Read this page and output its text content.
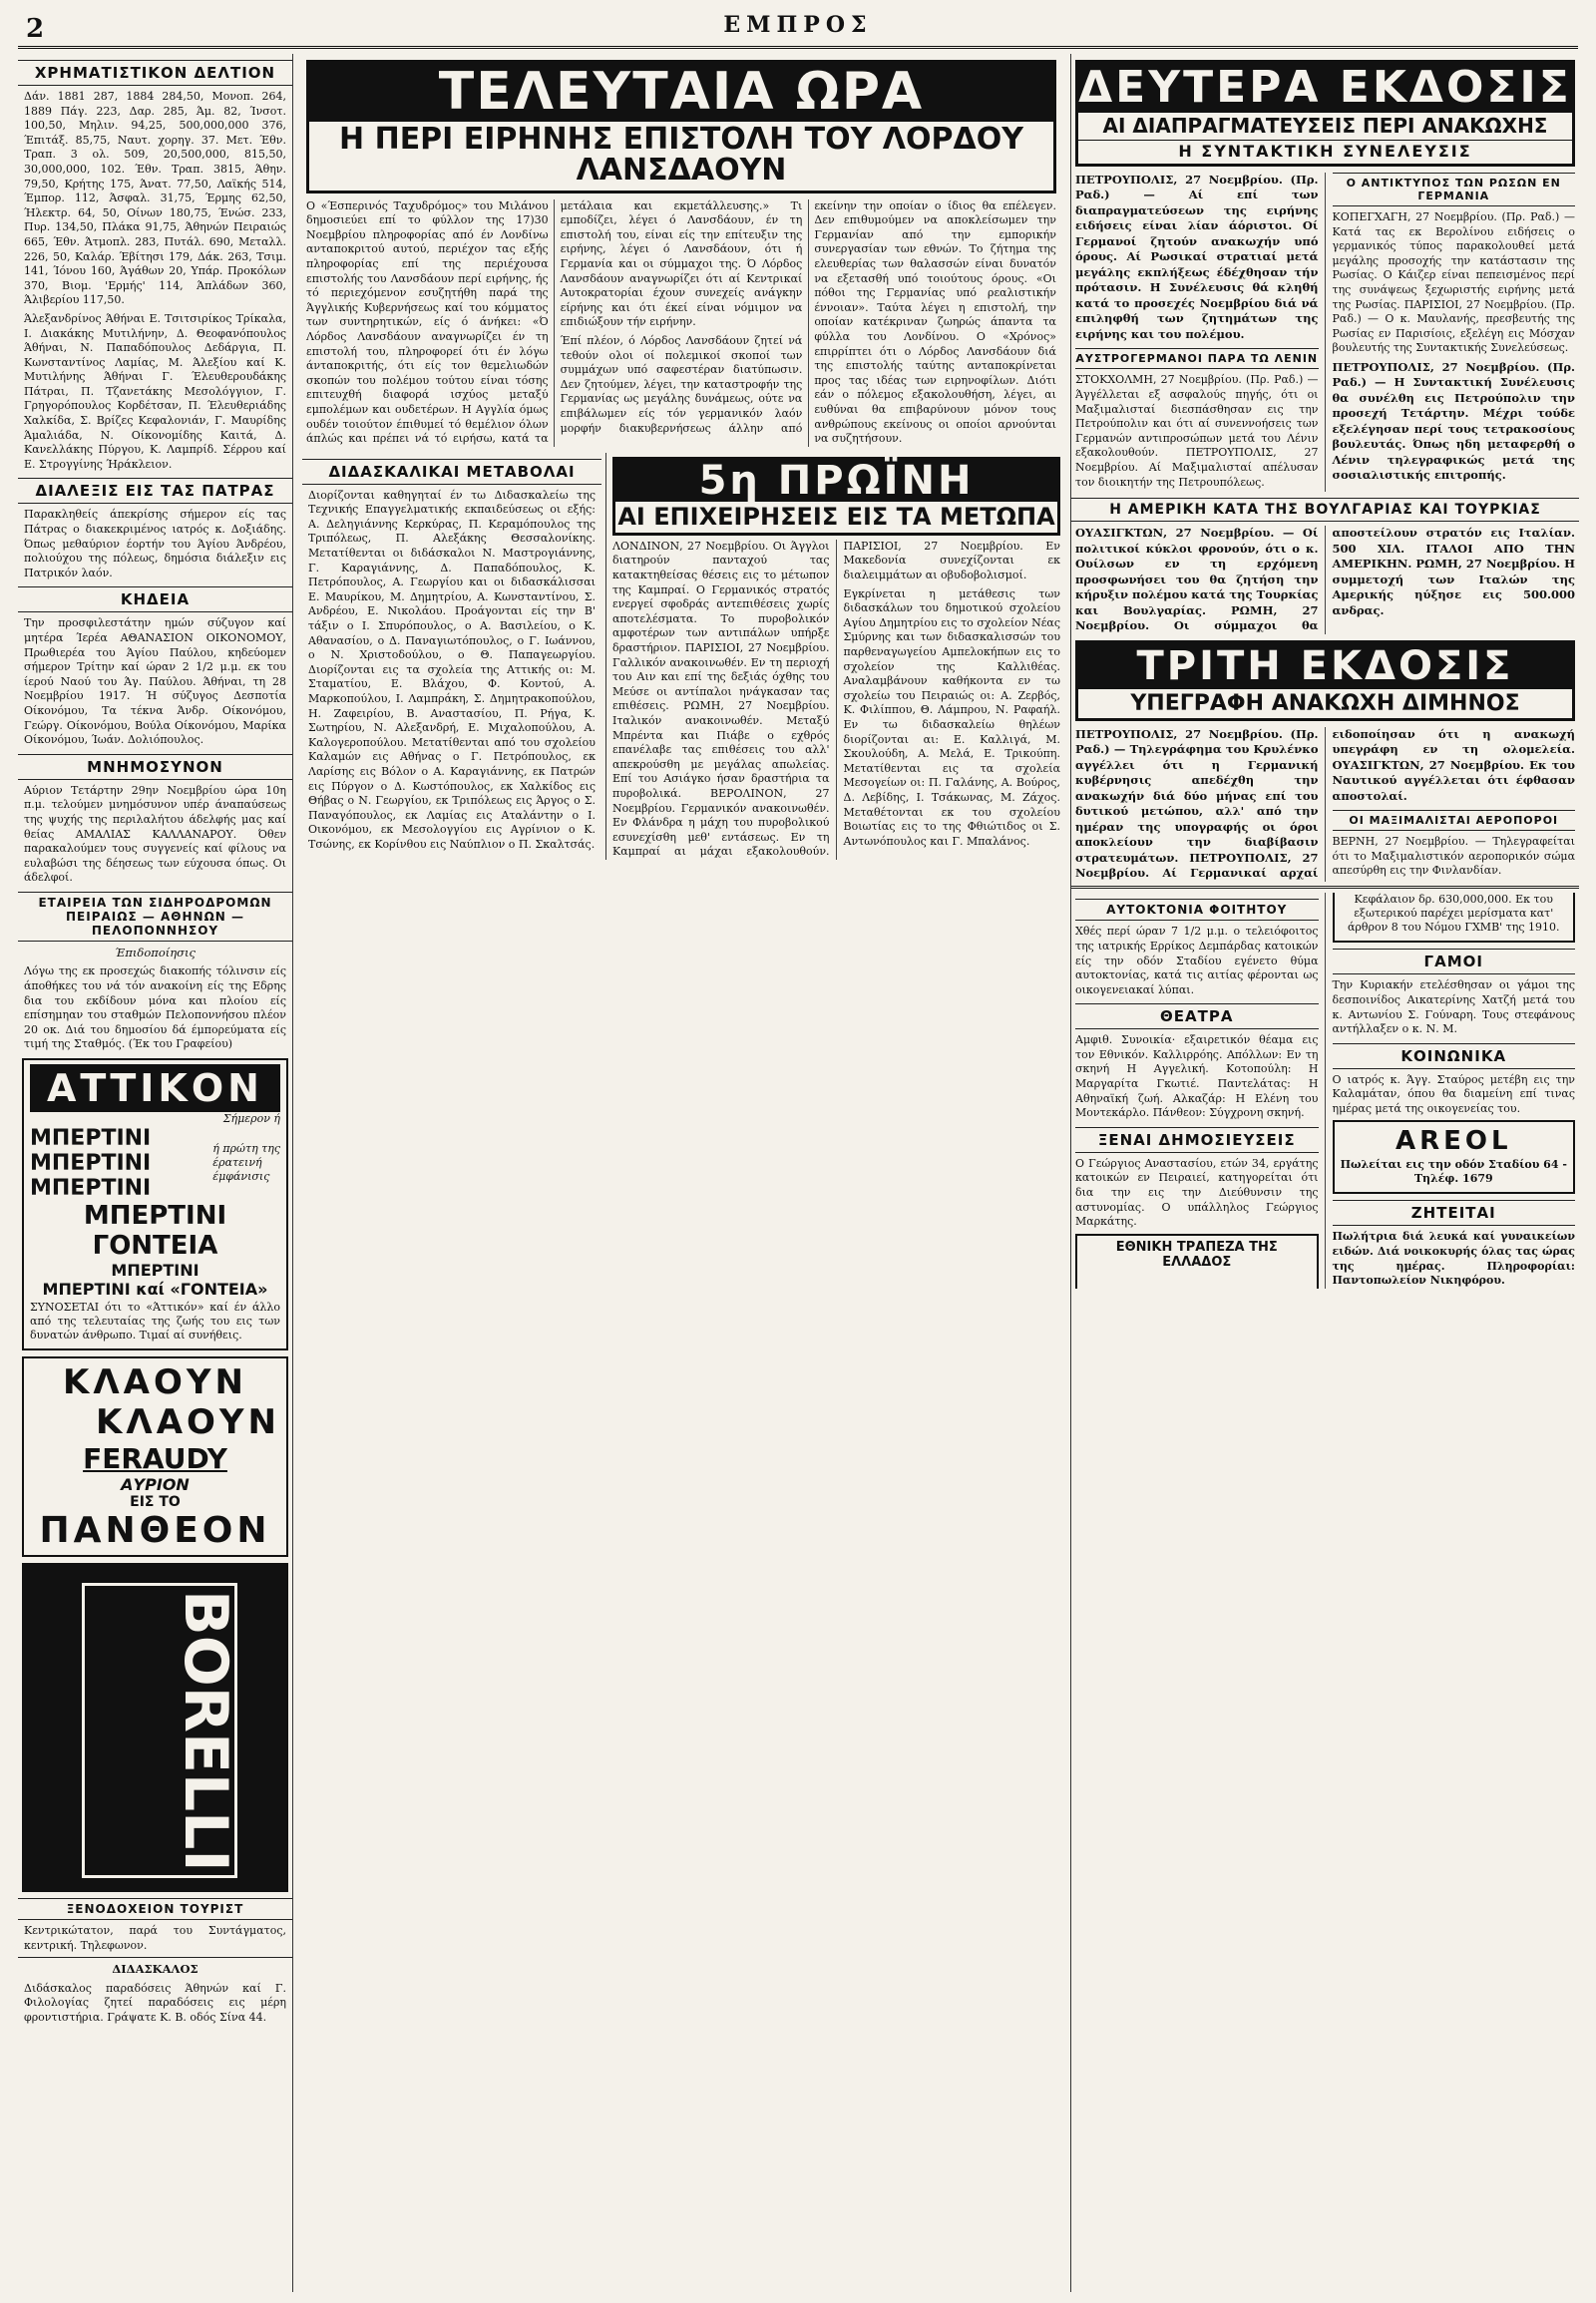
2	ΕΜΠΡΟΣ
ΧΡΗΜΑΤΙΣΤΙΚΟΝ ΔΕΛΤΙΟΝ

Δάν. 1881 287, 1884 284,50, Μονοπ. 264, 1889 Πάγ. 223, Δαρ. 285, Άμ. 82, Ίνσοτ. 100,50, Μηλιν. 94,25, 500,000,000 376, Έπιτάξ. 85,75, Ναυτ. χορηγ. 37. Μετ. Έθν. Τραπ. 3 ολ. 509, 20,500,000, 815,50, 30,000,000, 102. Έθν. Τραπ. 3815, Άθην. 79,50, Κρήτης 175, Άνατ. 77,50, Λαϊκής 514, Έμπορ. 112, Άσφαλ. 31,75, Έρμης 62,50, Ήλεκτρ. 64, 50, Οίνων 180,75, Ένώσ. 233, Πυρ. 134,50, Πλάκα 91,75, Άθηνών Πειραιώς 665, Έθν. Άτμοπλ. 283, Πυτάλ. 690, Μεταλλ. 226, 50, Καλάρ. Έβίτησι 179, Δάκ. 263, Τσιμ. 141, Ίόνου 160, Άγάθων 20, Υπάρ. Προκόλων 370, Βιομ. 'Ερμής' 114, Άπλάδων 360, Άλιβερίου 117,50.

Άλεξανδρίνος Άθήναι Ε. Τσιτσιρίκος Τρίκαλα, Ι. Διακάκης Μυτιλήνην, Δ. Θεοφανόπουλος Άθήναι, Ν. Παπαδόπουλος Δεδάργια, Π. Κωνσταντίνος Λαμίας, Μ. Άλεξίου καί Κ. Μυτιλήνης Άθήναι Γ. Έλευθερουδάκης Πάτραι, Π. Τζανετάκης Μεσολόγγιον, Γ. Γρηγορόπουλος Κορδέτσαν, Π. Έλευθεριάδης Χαλκίδα, Σ. Βρίζες Κεφαλονιάν, Γ. Μαυρίδης Άμαλιάδα, Ν. Οίκονομίδης Καιτά, Δ. Κανελλάκης Πύργου, Κ. Λαμπρίδ. Σέρρου καί Ε. Στρογγίνης Ήράκλειον.

ΔΙΑΛΕΞΙΣ ΕΙΣ ΤΑΣ ΠΑΤΡΑΣ

Παρακληθείς άπεκρίσης σήμερον είς τας Πάτρας ο διακεκριμένος ιατρός κ. Δοξιάδης. Όπως μεθαύριον έορτήν του Άγίου Άνδρέου, πολιούχου της πόλεως, δημόσια διάλεξιν εις Πατρικόν λαόν.

ΚΗΔΕΙΑ

Την προσφιλεστάτην ημών σύζυγον καί μητέρα Ίερέα ΑΘΑΝΑΣΙΟΝ ΟΙΚΟΝΟΜΟΥ, Πρωθιερέα του Άγίου Παύλου, κηδεύομεν σήμερον Τρίτην καί ώραν 2 1/2 μ.μ. εκ του ίερού Ναού του Άγ. Παύλου. Άθήναι, τη 28 Νοεμβρίου 1917. Ή σύζυγος Δεσποτία Οίκονόμου, Τα τέκνα Άνδρ. Οίκονόμου, Γεώργ. Οίκονόμου, Βούλα Οίκονόμου, Μαρίκα Οίκονόμου, Ίωάν. Δολιόπουλος.

ΜΝΗΜΟΣΥΝΟΝ

Αύριον Τετάρτην 29ην Νοεμβρίου ώρα 10η π.μ. τελούμεν μνημόσυνον υπέρ άναπαύσεως της ψυχής της περιλαλήτου άδελφής μας καί θείας ΑΜΑΛΙΑΣ ΚΑΛΛΑΝΑΡΟΥ. Όθεν παρακαλούμεν τους συγγενείς καί φίλους να ευλαβώσι της δέησεως των εύχουσα όπως. Οι άδελφοί.

ΕΤΑΙΡΕΙΑ ΤΩΝ ΣΙΔΗΡΟΔΡΟΜΩΝ ΠΕΙΡΑΙΩΣ — ΑΘΗΝΩΝ — ΠΕΛΟΠΟΝΝΗΣΟΥ
Έπιδοποίησις

Λόγω της εκ προσεχώς διακοπής τόλινσιν είς άποθήκες του νά τόν ανακοίνη είς της Εδρης δια του εκδίδουν μόνα και πλοίου είς επίσημηαν του σταθμών Πελοποννήσου πλέον 20 οκ. Διά του δημοσίου δά έμπορεύματα είς τιμή της Σταθμός. (Έκ του Γραφείου)

ΑΤΤΙΚΟΝ
Σήμερον ή
ΜΠΕΡΤΙΝΙ
ΜΠΕΡΤΙΝΙ
ΜΠΕΡΤΙΝΙ
ή πρώτη της
έρατεινή
έμφάνισις
ΜΠΕΡΤΙΝΙ
ΓΟΝΤΕΙΑ
ΜΠΕΡΤΙΝΙ
ΜΠΕΡΤΙΝΙ καί «ΓΟΝΤΕΙΑ»

ΣΥΝΟΣΕΤΑΙ ότι το «Άττικόν» καί έν άλλο από της τελευταίας της ζωής του εις των δυνατών άνθρωπο. Τιμαί αί συνήθεις.

ΚΛΑΟΥΝ
ΚΛΑΟΥΝ
FERAUDY
ΑΥΡΙΟΝ
ΕΙΣ ΤΟ
ΠΑΝΘΕΟΝ
BORELLI
ΞΕΝΟΔΟΧΕΙΟΝ ΤΟΥΡΙΣΤ

Κεντρικώτατον, παρά του Συντάγματος, κεντρική. Τηλεφωνον.

ΔΙΔΑΣΚΑΛΟΣ

Διδάσκαλος παραδόσεις Άθηνών καί Γ. Φιλολογίας ζητεί παραδόσεις εις μέρη φροντιστήρια. Γράψατε Κ. Β. οδός Σίνα 44.

ΤΕΛΕΥΤΑΙΑ ΩΡΑ
Η ΠΕΡΙ ΕΙΡΗΝΗΣ ΕΠΙΣΤΟΛΗ ΤΟΥ ΛΟΡΔΟΥ ΛΑΝΣΔΑΟΥΝ

Ο «Έσπερινός Ταχυδρόμος» του Μιλάνου δημοσιεύει επί το φύλλον της 17)30 Νοεμβρίου πληροφορίας από έν Λονδίνω ανταποκριτού αυτού, περιέχον τας εξής πληροφορίας επί της περιέχουσα επιστολής του Λανσδάουν περί ειρήνης, ής τό περιεχόμενον εσυζητήθη παρά της Άγγλικής Κυβερνήσεως καί του κόμματος των συντηρητικών, είς ό άνήκει: «Ό Λόρδος Λανσδάουν αναγνωρίζει έν τη επιστολή του, πληροφορεί ότι έν λόγω άνταποκριτής, ότι είς τον θεμελιωδών σκοπών του πολέμου τούτου είναι τόσης επιτευχθή διαφορά ισχύος μεταξύ εμπολέμων και ουδετέρων. Η Αγγλία όμως ουδέν τοιούτον έπιθυμεί τό θεμέλιον όλων άπλώς και πρέπει νά τό ειρήσω, κατά τα μετάλαια και εκμετάλλευσης.» Τι εμποδίζει, λέγει ό Λανσδάουν, έν τη επιστολή του, είναι είς την επίτευξιν της ειρήνης, λέγει ό Λανσδάουν, ότι ή Γερμανία και οι σύμμαχοι της. Ό Λόρδος Λανσδάουν αναγνωρίζει ότι αί Κεντρικαί Αυτοκρατορίαι έχουν συνεχείς ανάγκην είρήνης και ότι έκεί είναι νόμιμον να επιδιώξουν τήν ειρήνην.

Έπί πλέον, ό Λόρδος Λανσδάουν ζητεί νά τεθούν ολοι οί πολεμικοί σκοποί των συμμάχων υπό σαφεστέραν διατύπωσιν. Δεν ζητούμεν, λέγει, την καταστροφήν της Γερμανίας ως μεγάλης δυνάμεως, ούτε να επιβάλωμεν είς τόν γερμανικόν λαόν μορφήν διακυβερνήσεως άλλην από εκείνην την οποίαν ο ίδιος θα επέλεγεν. Δεν επιθυμούμεν να αποκλείσωμεν την Γερμανίαν από την εμπορικήν συνεργασίαν των εθνών. Το ζήτημα της ελευθερίας των θαλασσών είναι δυνατόν να εξετασθή υπό τοιούτους όρους. «Οι πόθοι της Γερμανίας υπό ρεαλιστικήν έννοιαν». Ταύτα λέγει η επιστολή, την οποίαν κατέκριναν ζωηρώς άπαντα τα φύλλα του Λονδίνου. Ο «Χρόνος» επιρρίπτει ότι ο Λόρδος Λανσδάουν διά της επιστολής ταύτης ανταποκρίνεται προς τας ιδέας των ειρηνοφίλων. Διότι εάν ο πόλεμος εξακολουθήση, λέγει, αι ευθύναι θα επιβαρύνουν μόνον τους ανθρώπους εκείνους οι οποίοι αρνούνται να συζητήσουν.

ΔΙΔΑΣΚΑΛΙΚΑΙ ΜΕΤΑΒΟΛΑΙ

Διορίζονται καθηγηταί έν τω Διδασκαλείω της Τεχνικής Επαγγελματικής εκπαιδεύσεως οι εξής: Α. Δεληγιάννης Κερκύρας, Π. Κεραμόπουλος της Τριπόλεως, Π. Αλεξάκης Θεσσαλονίκης. Μετατίθενται οι διδάσκαλοι Ν. Μαστρογιάννης, Γ. Καραγιάννης, Δ. Παπαδόπουλος, Κ. Πετρόπουλος, Α. Γεωργίου και οι διδασκάλισσαι Ε. Μαυρίκου, Μ. Δημητρίου, Α. Κωνσταντίνου, Σ. Ανδρέου, Ε. Νικολάου. Προάγονται είς την Β' τάξιν ο Ι. Σπυρόπουλος, ο Α. Βασιλείου, ο Κ. Αθανασίου, ο Δ. Παναγιωτόπουλος, ο Γ. Ιωάννου, ο Ν. Χριστοδούλου, ο Θ. Παπαγεωργίου. Διορίζονται εις τα σχολεία της Αττικής οι: Μ. Σταματίου, Ε. Βλάχου, Φ. Κοντού, Α. Μαρκοπούλου, Ι. Λαμπράκη, Σ. Δημητρακοπούλου, Η. Ζαφειρίου, Β. Αναστασίου, Π. Ρήγα, Κ. Σωτηρίου, Ν. Αλεξανδρή, Ε. Μιχαλοπούλου, Α. Καλογεροπούλου. Μετατίθενται από του σχολείου Καλαμών εις Αθήνας ο Γ. Πετρόπουλος, εκ Λαρίσης εις Βόλον ο Α. Καραγιάννης, εκ Πατρών εις Πύργον ο Δ. Κωστόπουλος, εκ Χαλκίδος εις Θήβας ο Ν. Γεωργίου, εκ Τριπόλεως εις Άργος ο Σ. Παναγόπουλος, εκ Λαμίας εις Αταλάντην ο Ι. Οικονόμου, εκ Μεσολογγίου εις Αγρίνιον ο Κ. Τσώνης, εκ Κορίνθου εις Ναύπλιον ο Π. Σκαλτσάς.

5η ΠΡΩΪΝΗ
ΑΙ ΕΠΙΧΕΙΡΗΣΕΙΣ ΕΙΣ ΤΑ ΜΕΤΩΠΑ

ΛΟΝΔΙΝΟΝ, 27 Νοεμβρίου. Οι Άγγλοι διατηρούν πανταχού τας κατακτηθείσας θέσεις εις το μέτωπον της Καμπραί. Ο Γερμανικός στρατός ενεργεί σφοδράς αντεπιθέσεις χωρίς αποτελέσματα. Το πυροβολικόν αμφοτέρων των αντιπάλων υπήρξε δραστήριον. ΠΑΡΙΣΙΟΙ, 27 Νοεμβρίου. Γαλλικόν ανακοινωθέν. Εν τη περιοχή του Αιν και επί της δεξιάς όχθης του Μεύσε οι αντίπαλοι ηνάγκασαν τας επιθέσεις. ΡΩΜΗ, 27 Νοεμβρίου. Ιταλικόν ανακοινωθέν. Μεταξύ Μπρέντα και Πιάβε ο εχθρός επανέλαβε τας επιθέσεις του αλλ' απεκρούσθη με μεγάλας απωλείας. Επί του Ασιάγκο ήσαν δραστήρια τα πυροβολικά. ΒΕΡΟΛΙΝΟΝ, 27 Νοεμβρίου. Γερμανικόν ανακοινωθέν. Εν Φλάνδρα η μάχη του πυροβολικού εσυνεχίσθη μεθ' εντάσεως. Εν τη Καμπραί αι μάχαι εξακολουθούν. ΠΑΡΙΣΙΟΙ, 27 Νοεμβρίου. Εν Μακεδονία συνεχίζονται εκ διαλειμμάτων αι οβυδοβολισμοί.

Εγκρίνεται η μετάθεσις των διδασκάλων του δημοτικού σχολείου Αγίου Δημητρίου εις το σχολείον Νέας Σμύρνης και των διδασκαλισσών του παρθεναγωγείου Αμπελοκήπων εις το σχολείον της Καλλιθέας. Αναλαμβάνουν καθήκοντα εν τω σχολείω του Πειραιώς οι: Α. Ζερβός, Κ. Φιλίππου, Θ. Λάμπρου, Ν. Ραφαήλ. Εν τω διδασκαλείω θηλέων διορίζονται αι: Ε. Καλλιγά, Μ. Σκουλούδη, Α. Μελά, Ε. Τρικούπη. Μετατίθενται εις τα σχολεία Μεσογείων οι: Π. Γαλάνης, Α. Βούρος, Δ. Λεβίδης, Ι. Τσάκωνας, Μ. Ζάχος. Μεταθέτονται εκ του σχολείου Βοιωτίας εις το της Φθιώτιδος οι Σ. Αντωνόπουλος και Γ. Μπαλάνος.

ΔΕΥΤΕΡΑ ΕΚΔΟΣΙΣ
ΑΙ ΔΙΑΠΡΑΓΜΑΤΕΥΣΕΙΣ ΠΕΡΙ ΑΝΑΚΩΧΗΣ
Η ΣΥΝΤΑΚΤΙΚΗ ΣΥΝΕΛΕΥΣΙΣ

ΠΕΤΡΟΥΠΟΛΙΣ, 27 Νοεμβρίου. (Πρ. Ραδ.) — Αί επί των διαπραγματεύσεων της ειρήνης ειδήσεις είναι λίαν άόριστοι. Οί Γερμανοί ζητούν ανακωχήν υπό όρους. Αί Ρωσικαί στρατιαί μετά μεγάλης εκπλήξεως έδέχθησαν τήν πρότασιν. Η Συνέλευσις θά κληθή κατά το προσεχές Νοεμβρίου διά νά επιληφθή των ζητημάτων της ειρήνης και του πολέμου.

ΑΥΣΤΡΟΓΕΡΜΑΝΟΙ ΠΑΡΑ ΤΩ ΛΕΝΙΝ

ΣΤΟΚΧΟΛΜΗ, 27 Νοεμβρίου. (Πρ. Ραδ.) — Άγγέλλεται εξ ασφαλούς πηγής, ότι οι Μαξιμαλισταί διεσπάσθησαν εις την Πετρούπολιν και ότι αί συνεννοήσεις των Γερμανών αντιπροσώπων μετά του Λένιν εξακολουθούν. ΠΕΤΡΟΥΠΟΛΙΣ, 27 Νοεμβρίου. Αί Μαξιμαλισταί απέλυσαν τον διοικητήν της Πετρουπόλεως.

Ο ΑΝΤΙΚΤΥΠΟΣ ΤΩΝ ΡΩΣΩΝ ΕΝ ΓΕΡΜΑΝΙΑ

ΚΟΠΕΓΧΑΓΗ, 27 Νοεμβρίου. (Πρ. Ραδ.) — Κατά τας εκ Βερολίνου ειδήσεις ο γερμανικός τύπος παρακολουθεί μετά μεγάλης προσοχής την κατάστασιν της Ρωσίας. Ο Κάιζερ είναι πεπεισμένος περί της συνάψεως ξεχωριστής ειρήνης μετά της Ρωσίας. ΠΑΡΙΣΙΟΙ, 27 Νοεμβρίου. (Πρ. Ραδ.) — Ο κ. Μαυλανής, πρεσβευτής της Ρωσίας εν Παρισίοις, εξελέγη εις Μόσχαν βουλευτής της Συντακτικής Συνελεύσεως.

ΠΕΤΡΟΥΠΟΛΙΣ, 27 Νοεμβρίου. (Πρ. Ραδ.) — Η Συντακτική Συνέλευσις θα συνέλθη εις Πετρούπολιν την προσεχή Τετάρτην. Μέχρι τούδε εξελέγησαν περί τους τετρακοσίους βουλευτάς. Όπως ηδη μεταφερθή ο Λένιν τηλεγραφικώς μετά της σοσιαλιστικής επιτροπής.

Η ΑΜΕΡΙΚΗ ΚΑΤΑ ΤΗΣ ΒΟΥΛΓΑΡΙΑΣ ΚΑΙ ΤΟΥΡΚΙΑΣ

ΟΥΑΣΙΓΚΤΩΝ, 27 Νοεμβρίου. — Οί πολιτικοί κύκλοι φρονούν, ότι ο κ. Ουίλσων εν τη ερχόμενη προσφωνήσει του θα ζητήση την κήρυξιν πολέμου κατά της Τουρκίας και Βουλγαρίας. ΡΩΜΗ, 27 Νοεμβρίου. Οι σύμμαχοι θα αποστείλουν στρατόν εις Ιταλίαν. 500 ΧΙΛ. ΙΤΑΛΟΙ ΑΠΟ ΤΗΝ ΑΜΕΡΙΚΗΝ. ΡΩΜΗ, 27 Νοεμβρίου. Η συμμετοχή των Ιταλών της Αμερικής ηύξησε εις 500.000 ανδρας.

ΤΡΙΤΗ ΕΚΔΟΣΙΣ
ΥΠΕΓΡΑΦΗ ΑΝΑΚΩΧΗ ΔΙΜΗΝΟΣ

ΠΕΤΡΟΥΠΟΛΙΣ, 27 Νοεμβρίου. (Πρ. Ραδ.) — Τηλεγράφημα του Κρυλένκο αγγέλλει ότι η Γερμανική κυβέρνησις απεδέχθη την ανακωχήν διά δύο μήνας επί του δυτικού μετώπου, αλλ' από την ημέραν της υπογραφής οι όροι αποκλείουν την διαβίβασιν στρατευμάτων. ΠΕΤΡΟΥΠΟΛΙΣ, 27 Νοεμβρίου. Αί Γερμανικαί αρχαί ειδοποίησαν ότι η ανακωχή υπεγράφη εν τη ολομελεία. ΟΥΑΣΙΓΚΤΩΝ, 27 Νοεμβρίου. Εκ του Ναυτικού αγγέλλεται ότι έφθασαν αποστολαί.

ΟΙ ΜΑΞΙΜΑΛΙΣΤΑΙ ΑΕΡΟΠΟΡΟΙ

ΒΕΡΝΗ, 27 Νοεμβρίου. — Τηλεγραφείται ότι το Μαξιμαλιστικόν αεροπορικόν σώμα απεσύρθη εις την Φινλανδίαν.

ΑΥΤΟΚΤΟΝΙΑ ΦΟΙΤΗΤΟΥ

Χθές περί ώραν 7 1/2 μ.μ. ο τελειόφοιτος της ιατρικής Ερρίκος Δεμπάρδας κατοικών είς την οδόν Σταδίου εγένετο θύμα αυτοκτονίας, κατά τις αιτίας φέρονται ως οικογενειακαί λύπαι.

ΘΕΑΤΡΑ

Αμφιθ. Συνοικία· εξαιρετικόν θέαμα εις τον Εθνικόν. Καλλιρρόης. Απόλλων: Εν τη σκηνή Η Αγγελική. Κοτοπούλη: Η Μαργαρίτα Γκωτιέ. Παντελάτας: Η Αθηναϊκή ζωή. Αλκαζάρ: Η Ελένη του Μοντεκάρλο. Πάνθεον: Σύγχρονη σκηνή.

ΞΕΝΑΙ ΔΗΜΟΣΙΕΥΣΕΙΣ

Ο Γεώργιος Αναστασίου, ετών 34, εργάτης κατοικών εν Πειραιεί, κατηγορείται ότι δια την εις την Διεύθυνσιν της αστυνομίας. Ο υπάλληλος Γεώργιος Μαρκάτης.

ΕΘΝΙΚΗ ΤΡΑΠΕΖΑ ΤΗΣ ΕΛΛΑΔΟΣ

Κεφάλαιον δρ. 630,000,000. Εκ του εξωτερικού παρέχει μερίσματα κατ' άρθρον 8 του Νόμου ΓΧΜΒ' της 1910.

ΓΑΜΟΙ

Την Κυριακήν ετελέσθησαν οι γάμοι της δεσποινίδος Αικατερίνης Χατζή μετά του κ. Αντωνίου Σ. Γούναρη. Τους στεφάνους αντήλλαξεν ο κ. Ν. Μ.

ΚΟΙΝΩΝΙΚΑ

Ο ιατρός κ. Άγγ. Σταύρος μετέβη εις την Καλαμάταν, όπου θα διαμείνη επί τινας ημέρας μετά της οικογενείας του.

AREOL

Πωλείται εις την οδόν Σταδίου 64 - Τηλέφ. 1679

ΖΗΤΕΙΤΑΙ

Πωλήτρια διά λευκά καί γυναικείων ειδών. Διά νοικοκυρής όλας τας ώρας της ημέρας. Πληροφορίαι: Παντοπωλείον Νικηφόρου.
